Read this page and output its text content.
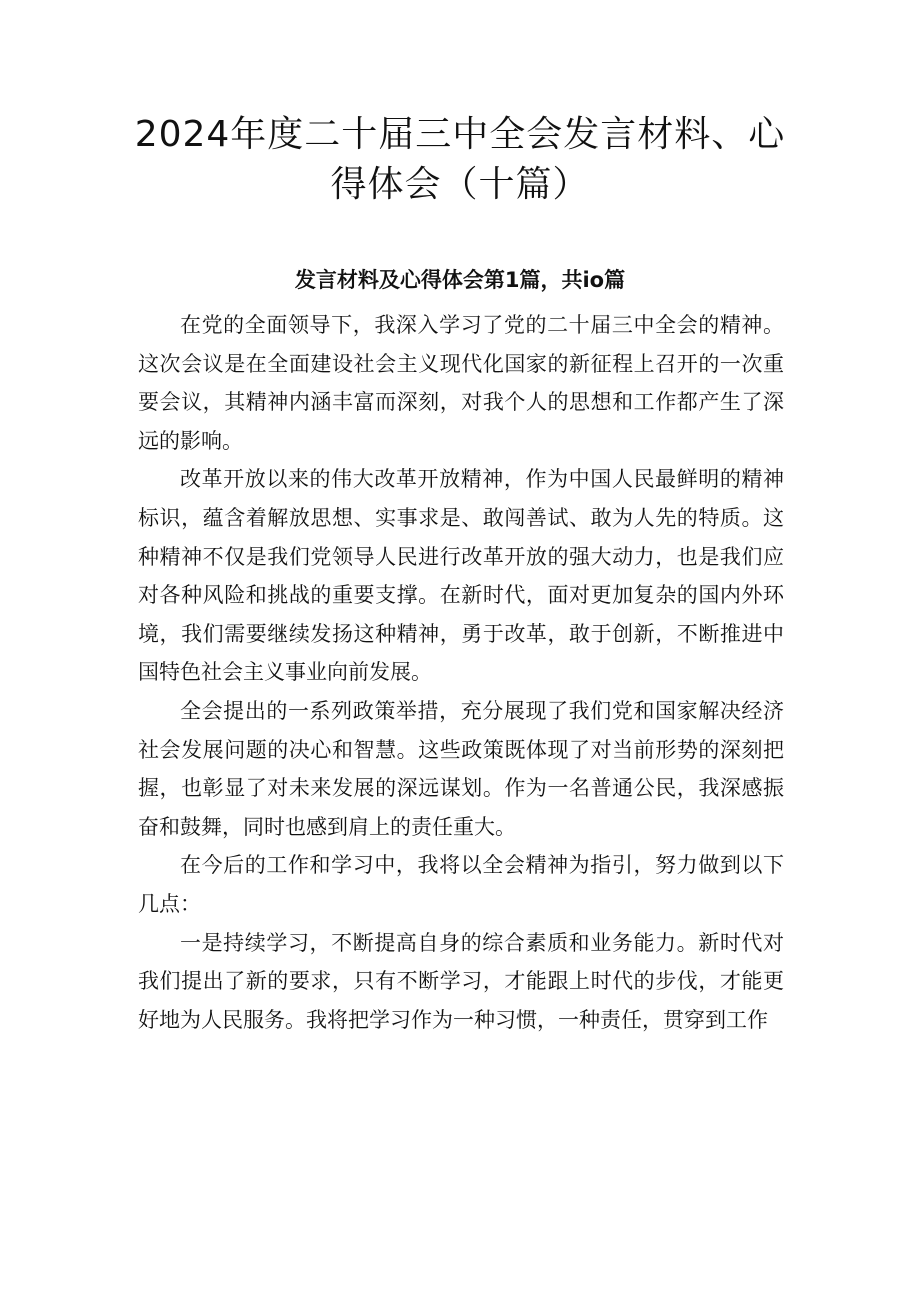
2024年度二十届三中全会发言材料、心得体会（十篇）
发言材料及心得体会第1篇，共io篇

在党的全面领导下，我深入学习了党的二十届三中全会的精神。这次会议是在全面建设社会主义现代化国家的新征程上召开的一次重要会议，其精神内涵丰富而深刻，对我个人的思想和工作都产生了深远的影响。

改革开放以来的伟大改革开放精神，作为中国人民最鲜明的精神标识，蕴含着解放思想、实事求是、敢闯善试、敢为人先的特质。这种精神不仅是我们党领导人民进行改革开放的强大动力，也是我们应对各种风险和挑战的重要支撑。在新时代，面对更加复杂的国内外环境，我们需要继续发扬这种精神，勇于改革，敢于创新，不断推进中国特色社会主义事业向前发展。

全会提出的一系列政策举措，充分展现了我们党和国家解决经济社会发展问题的决心和智慧。这些政策既体现了对当前形势的深刻把握，也彰显了对未来发展的深远谋划。作为一名普通公民，我深感振奋和鼓舞，同时也感到肩上的责任重大。

在今后的工作和学习中，我将以全会精神为指引，努力做到以下几点：

一是持续学习，不断提高自身的综合素质和业务能力。新时代对我们提出了新的要求，只有不断学习，才能跟上时代的步伐，才能更好地为人民服务。我将把学习作为一种习惯，一种责任，贯穿到工作
